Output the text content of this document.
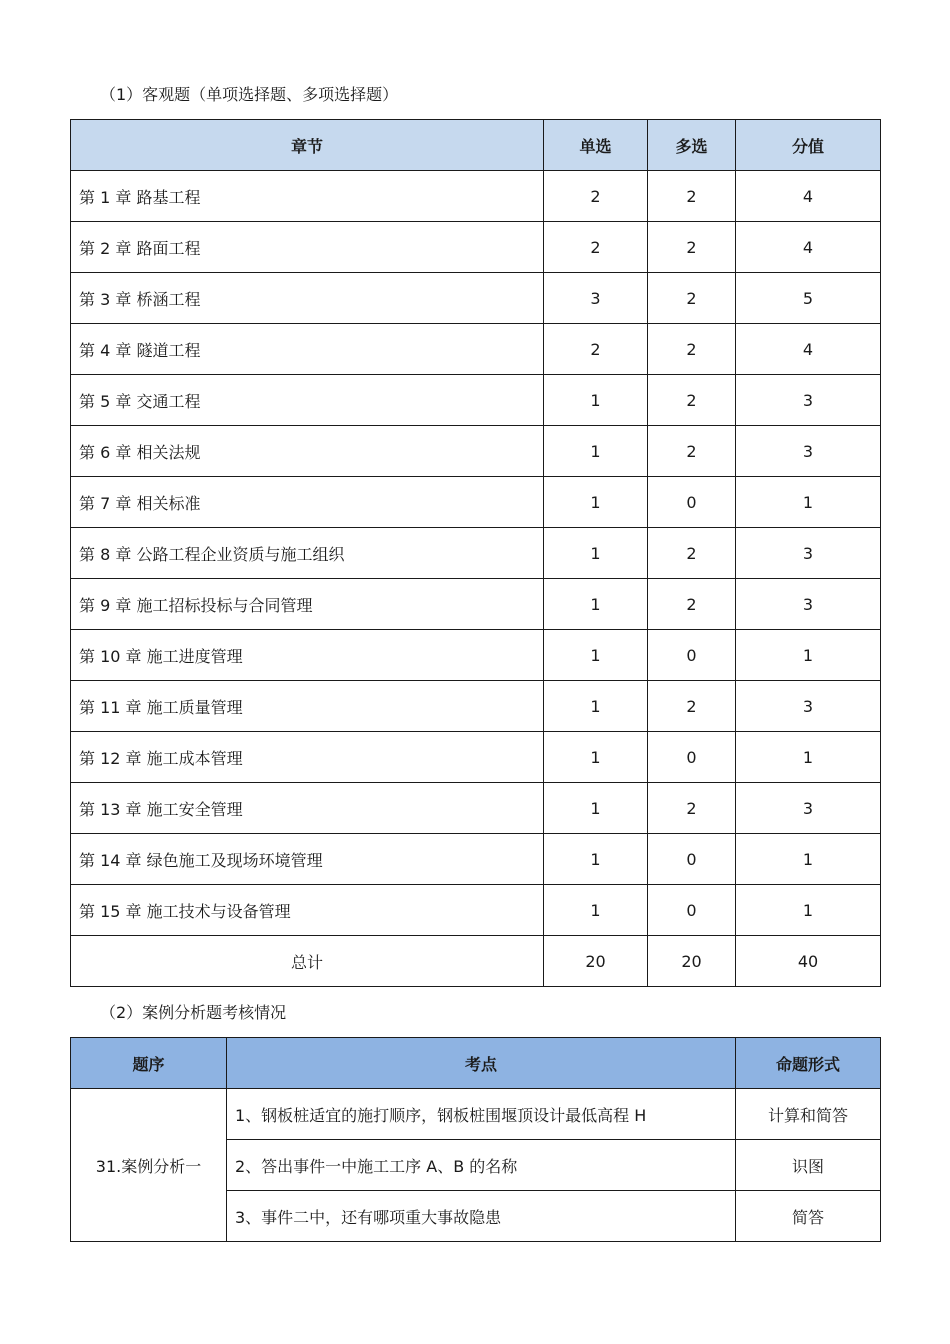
（1）客观题（单项选择题、多项选择题）
章节	单选	多选	分值
第 1 章 路基工程	2	2	4
第 2 章 路面工程	2	2	4
第 3 章 桥涵工程	3	2	5
第 4 章 隧道工程	2	2	4
第 5 章 交通工程	1	2	3
第 6 章 相关法规	1	2	3
第 7 章 相关标准	1	0	1
第 8 章 公路工程企业资质与施工组织	1	2	3
第 9 章 施工招标投标与合同管理	1	2	3
第 10 章 施工进度管理	1	0	1
第 11 章 施工质量管理	1	2	3
第 12 章 施工成本管理	1	0	1
第 13 章 施工安全管理	1	2	3
第 14 章 绿色施工及现场环境管理	1	0	1
第 15 章 施工技术与设备管理	1	0	1
总计	20	20	40
（2）案例分析题考核情况
题序	考点	命题形式
31.案例分析一	1、钢板桩适宜的施打顺序，钢板桩围堰顶设计最低高程 H	计算和简答
	2、答出事件一中施工工序 A、B 的名称	识图
	3、事件二中，还有哪项重大事故隐患	简答
